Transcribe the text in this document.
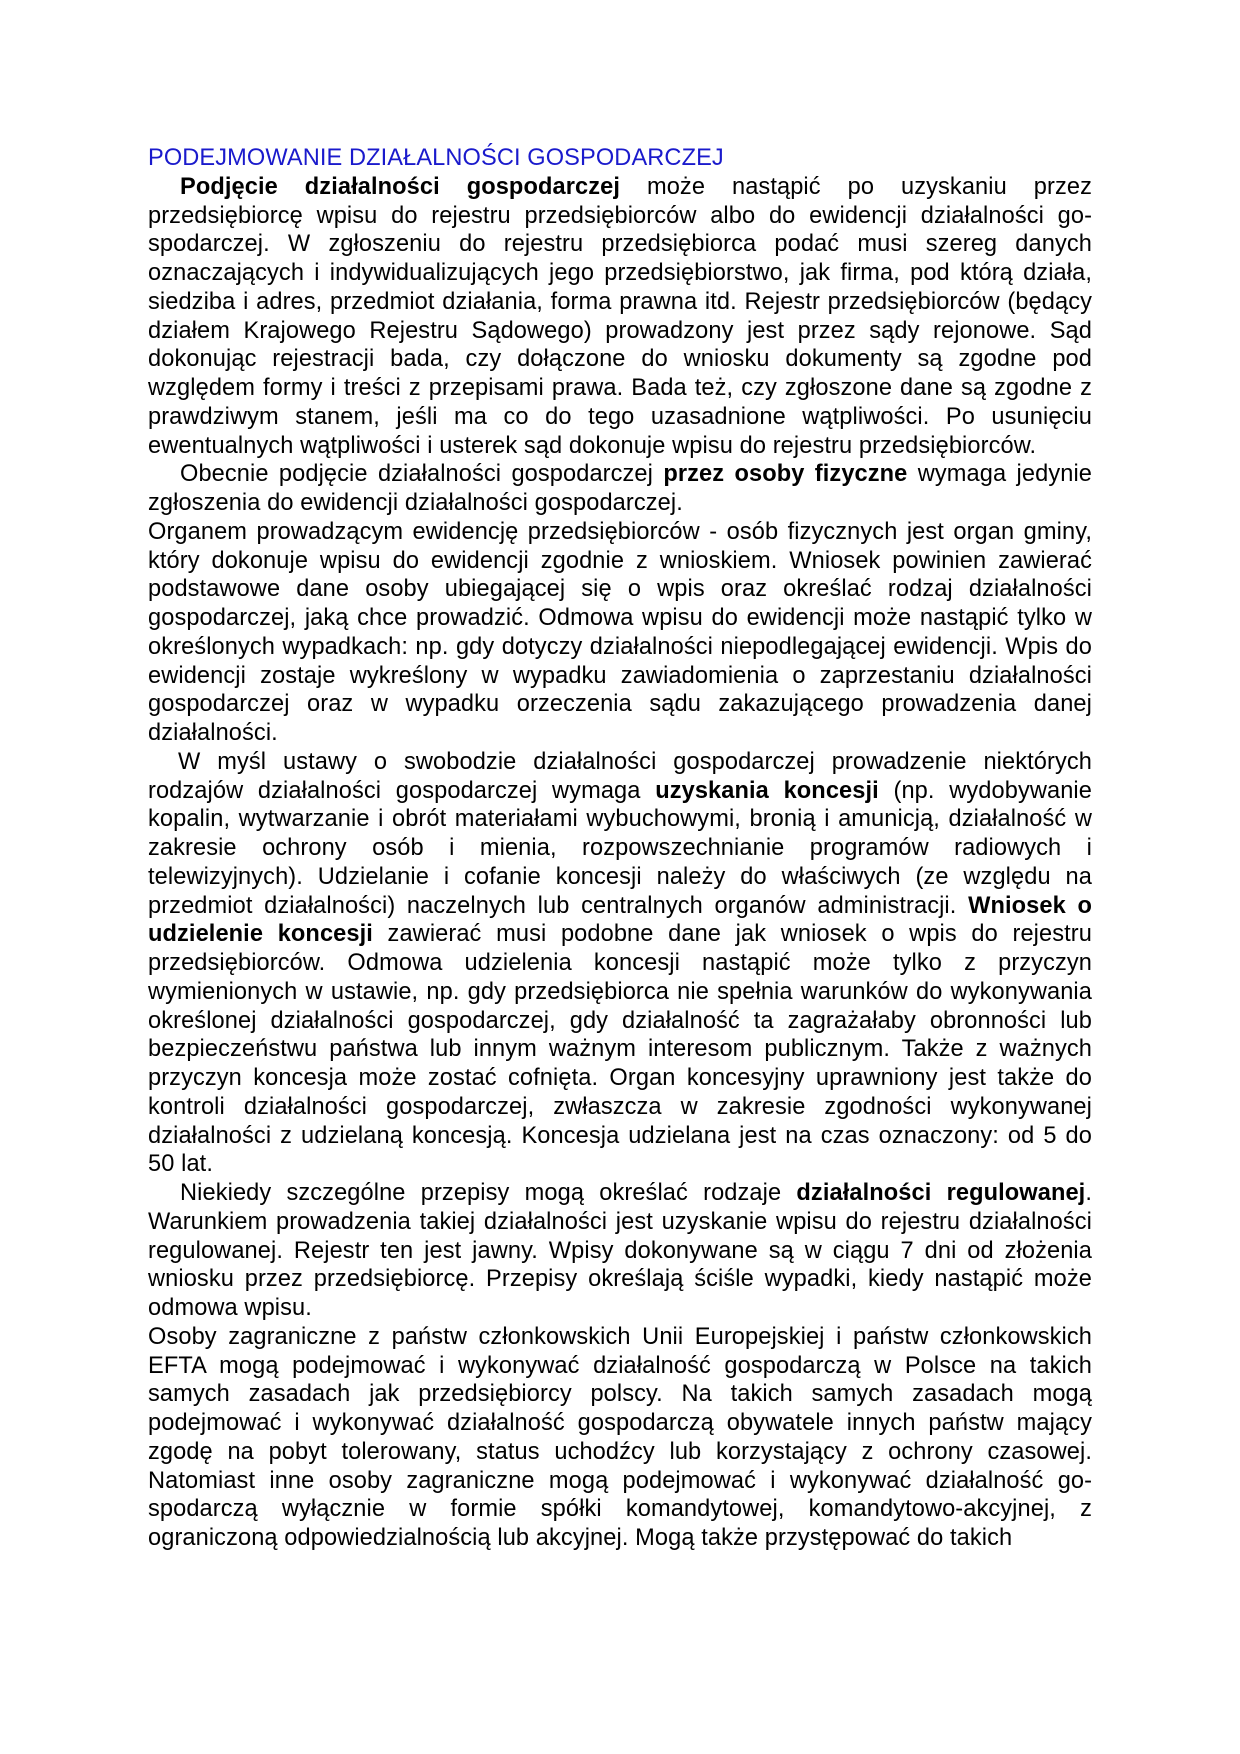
PODEJMOWANIE DZIAŁALNOŚCI GOSPODARCZEJ

Podjęcie działalności gospodarczej może nastąpić po uzyskaniu przez przedsiębiorcę wpisu do rejestru przedsiębiorców albo do ewidencji działalności gospodarczej. W zgłoszeniu do rejestru przedsiębiorca podać musi szereg danych oznaczających i indywidualizujących jego przedsiębiorstwo, jak firma, pod którą działa, siedziba i adres, przedmiot działania, forma prawna itd. Rejestr przedsiębiorców (będący działem Krajowego Rejestru Sądowego) prowadzony jest przez sądy rejonowe. Sąd dokonując rejestracji bada, czy dołączone do wniosku dokumenty są zgodne pod względem formy i treści z przepisami prawa. Bada też, czy zgłoszone dane są zgodne z prawdziwym stanem, jeśli ma co do tego uzasadnione wątpliwości. Po usunięciu ewentualnych wątpliwości i usterek sąd dokonuje wpisu do rejestru przedsiębiorców.

Obecnie podjęcie działalności gospodarczej przez osoby fizyczne wymaga jedynie zgłoszenia do ewidencji działalności gospodarczej.

Organem prowadzącym ewidencję przedsiębiorców - osób fizycznych jest organ gminy, który dokonuje wpisu do ewidencji zgodnie z wnioskiem. Wniosek powinien zawierać podstawowe dane osoby ubiegającej się o wpis oraz określać rodzaj działalności gospodarczej, jaką chce prowadzić. Odmowa wpisu do ewidencji może nastąpić tylko w określonych wypadkach: np. gdy dotyczy działalności niepodlegającej ewidencji. Wpis do ewidencji zostaje wykreślony w wypadku zawiadomienia o zaprzestaniu działalności gospodarczej oraz w wypadku orzeczenia sądu zakazującego prowadzenia danej działalności.

W myśl ustawy o swobodzie działalności gospodarczej prowadzenie niektórych rodzajów działalności gospodarczej wymaga uzyskania koncesji (np. wydobywanie kopalin, wytwarzanie i obrót materiałami wybuchowymi, bronią i amunicją, działalność w zakresie ochrony osób i mienia, rozpowszechnianie programów radiowych i telewizyjnych). Udzielanie i cofanie koncesji należy do właściwych (ze względu na przedmiot działalności) naczelnych lub centralnych organów administracji. Wniosek o udzielenie koncesji zawierać musi podobne dane jak wniosek o wpis do rejestru przedsiębiorców. Odmowa udzielenia koncesji nastąpić może tylko z przyczyn wymienionych w ustawie, np. gdy przedsiębiorca nie spełnia warunków do wykonywania określonej działalności gospodarczej, gdy działalność ta zagrażałaby obronności lub bezpieczeństwu państwa lub innym ważnym interesom publicznym. Także z ważnych przyczyn koncesja może zostać cofnięta. Organ koncesyjny uprawniony jest także do kontroli działalności gospodarczej, zwłaszcza w zakresie zgodności wykonywanej działalności z udzielaną koncesją. Koncesja udzielana jest na czas oznaczony: od 5 do 50 lat.

Niekiedy szczególne przepisy mogą określać rodzaje działalności regulowanej. Warunkiem prowadzenia takiej działalności jest uzyskanie wpisu do rejestru działalności regulowanej. Rejestr ten jest jawny. Wpisy dokonywane są w ciągu 7 dni od złożenia wniosku przez przedsiębiorcę. Przepisy określają ściśle wypadki, kiedy nastąpić może odmowa wpisu.

Osoby zagraniczne z państw członkowskich Unii Europejskiej i państw członkowskich EFTA mogą podejmować i wykonywać działalność gospodarczą w Polsce na takich samych zasadach jak przedsiębiorcy polscy. Na takich samych zasadach mogą podejmować i wykonywać działalność gospodarczą obywatele innych państw mający zgodę na pobyt tolerowany, status uchodźcy lub korzystający z ochrony czasowej. Natomiast inne osoby zagraniczne mogą podejmować i wykonywać działalność gospodarczą wyłącznie w formie spółki komandytowej, komandytowo-akcyjnej, z ograniczoną odpowiedzialnością lub akcyjnej. Mogą także przystępować do takich
